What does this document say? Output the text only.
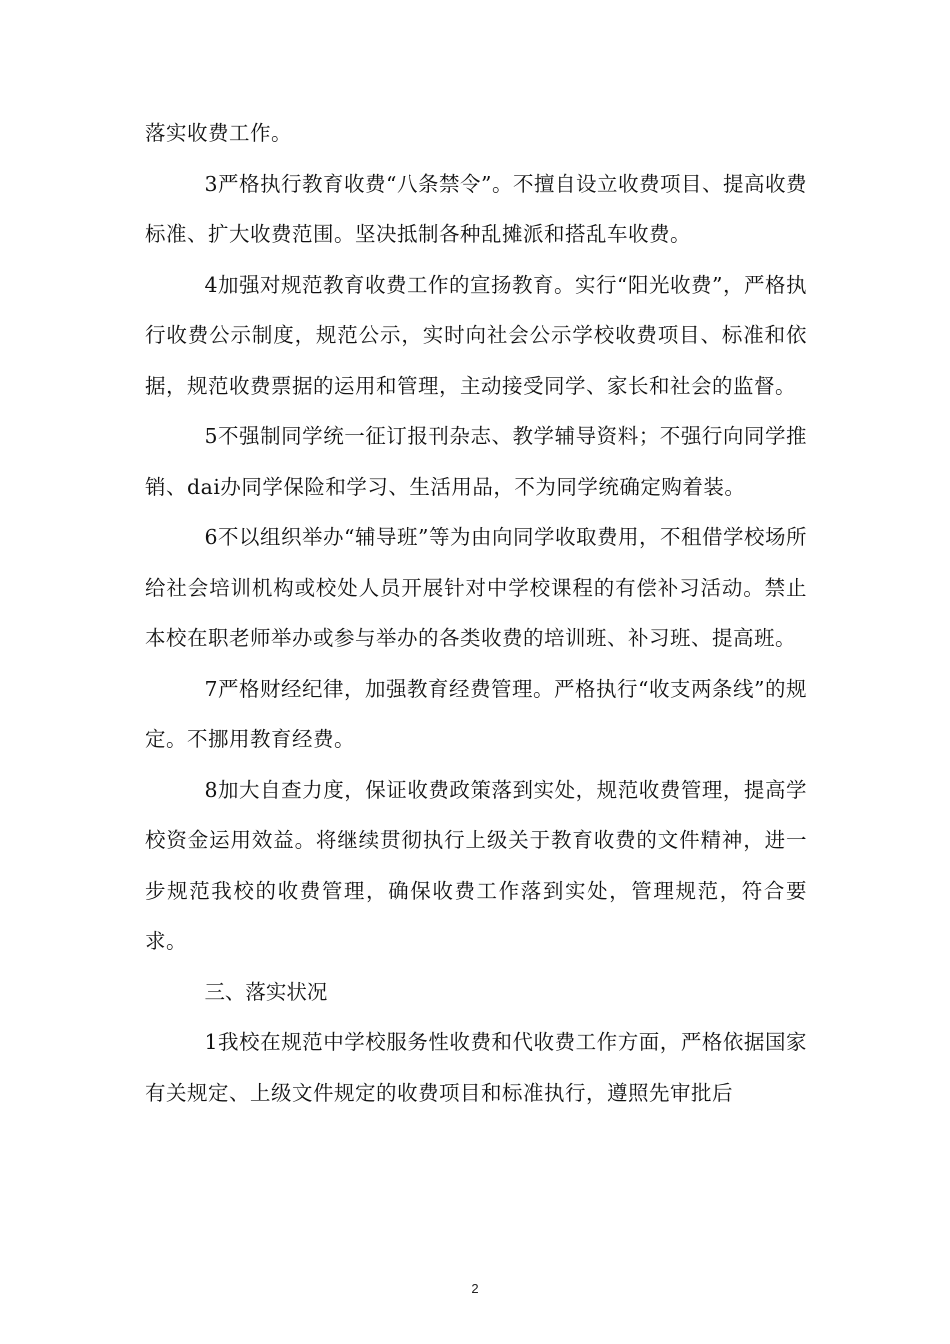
落实收费工作。

3严格执行教育收费“八条禁令”。不擅自设立收费项目、提高收费标准、扩大收费范围。坚决抵制各种乱摊派和搭乱车收费。

4加强对规范教育收费工作的宣扬教育。实行“阳光收费”，严格执行收费公示制度，规范公示，实时向社会公示学校收费项目、标准和依据，规范收费票据的运用和管理，主动接受同学、家长和社会的监督。

5不强制同学统一征订报刊杂志、教学辅导资料；不强行向同学推销、dai办同学保险和学习、生活用品，不为同学统确定购着装。

6不以组织举办“辅导班”等为由向同学收取费用，不租借学校场所给社会培训机构或校处人员开展针对中学校课程的有偿补习活动。禁止本校在职老师举办或参与举办的各类收费的培训班、补习班、提高班。

7严格财经纪律，加强教育经费管理。严格执行“收支两条线”的规定。不挪用教育经费。

8加大自查力度，保证收费政策落到实处，规范收费管理，提高学校资金运用效益。将继续贯彻执行上级关于教育收费的文件精神，进一步规范我校的收费管理，确保收费工作落到实处，管理规范，符合要求。

三、落实状况

1我校在规范中学校服务性收费和代收费工作方面，严格依据国家有关规定、上级文件规定的收费项目和标准执行，遵照先审批后

2
